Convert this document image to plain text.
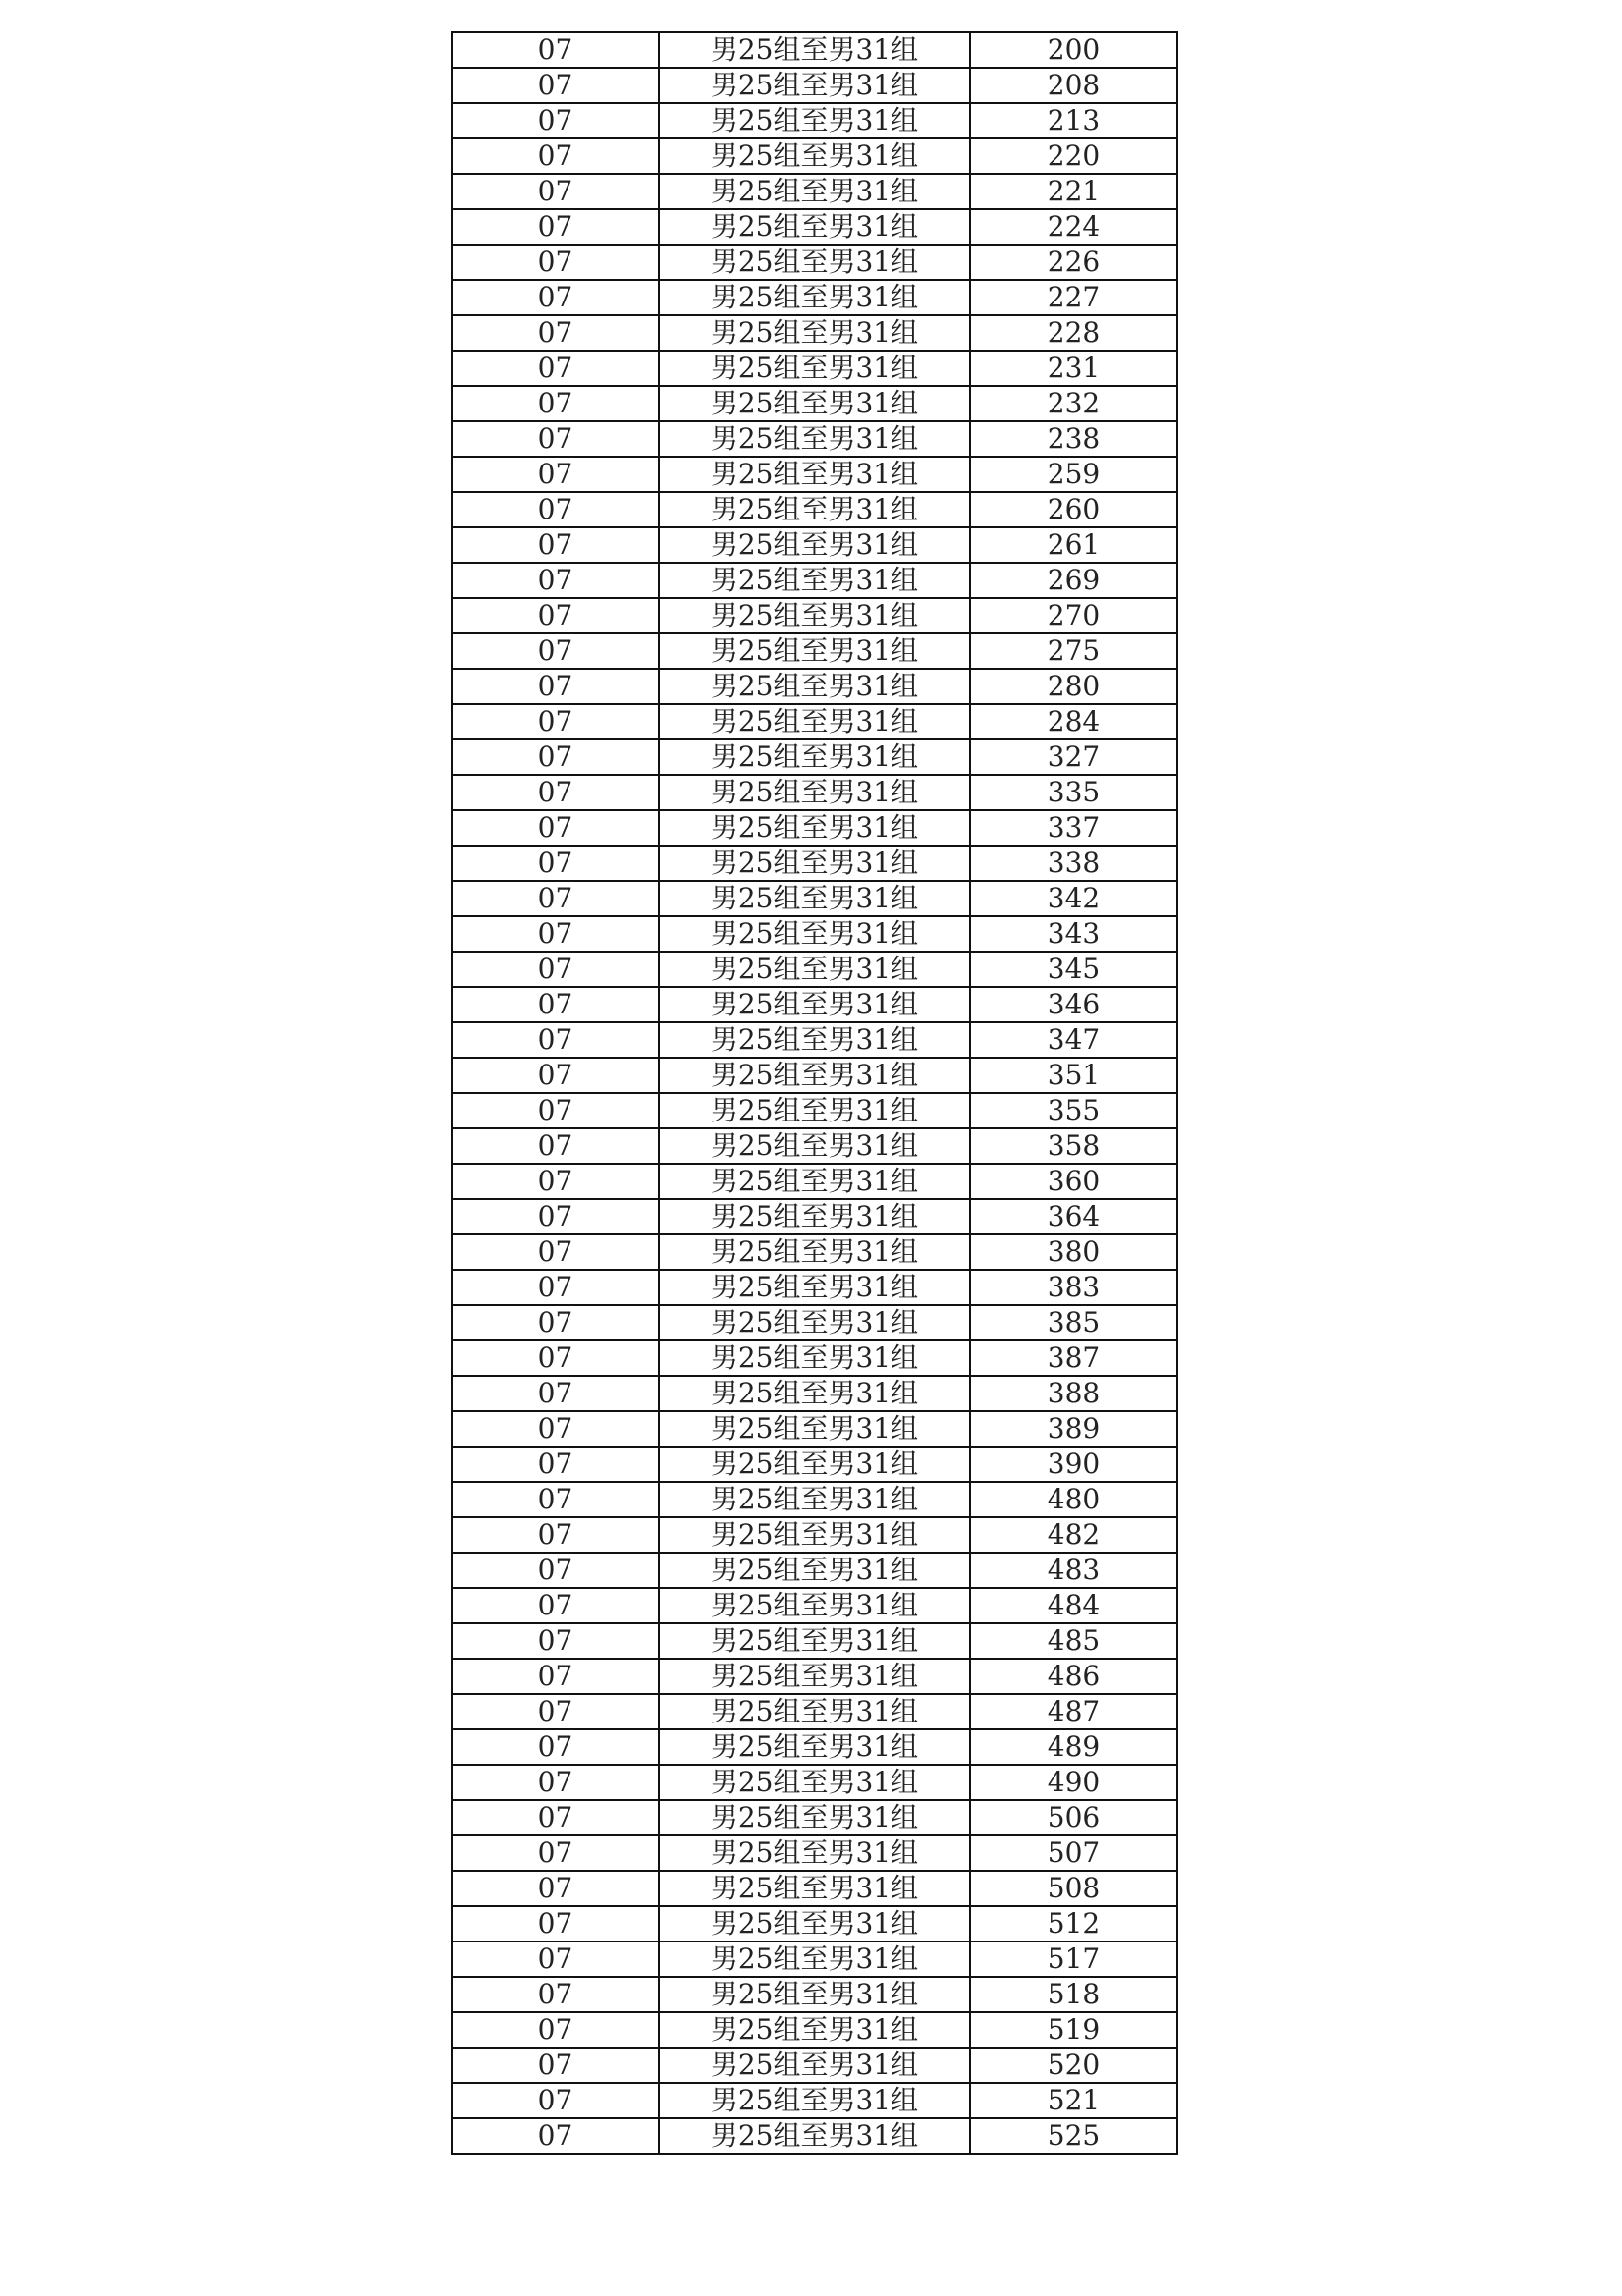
07	男25组至男31组	200
07	男25组至男31组	208
07	男25组至男31组	213
07	男25组至男31组	220
07	男25组至男31组	221
07	男25组至男31组	224
07	男25组至男31组	226
07	男25组至男31组	227
07	男25组至男31组	228
07	男25组至男31组	231
07	男25组至男31组	232
07	男25组至男31组	238
07	男25组至男31组	259
07	男25组至男31组	260
07	男25组至男31组	261
07	男25组至男31组	269
07	男25组至男31组	270
07	男25组至男31组	275
07	男25组至男31组	280
07	男25组至男31组	284
07	男25组至男31组	327
07	男25组至男31组	335
07	男25组至男31组	337
07	男25组至男31组	338
07	男25组至男31组	342
07	男25组至男31组	343
07	男25组至男31组	345
07	男25组至男31组	346
07	男25组至男31组	347
07	男25组至男31组	351
07	男25组至男31组	355
07	男25组至男31组	358
07	男25组至男31组	360
07	男25组至男31组	364
07	男25组至男31组	380
07	男25组至男31组	383
07	男25组至男31组	385
07	男25组至男31组	387
07	男25组至男31组	388
07	男25组至男31组	389
07	男25组至男31组	390
07	男25组至男31组	480
07	男25组至男31组	482
07	男25组至男31组	483
07	男25组至男31组	484
07	男25组至男31组	485
07	男25组至男31组	486
07	男25组至男31组	487
07	男25组至男31组	489
07	男25组至男31组	490
07	男25组至男31组	506
07	男25组至男31组	507
07	男25组至男31组	508
07	男25组至男31组	512
07	男25组至男31组	517
07	男25组至男31组	518
07	男25组至男31组	519
07	男25组至男31组	520
07	男25组至男31组	521
07	男25组至男31组	525
